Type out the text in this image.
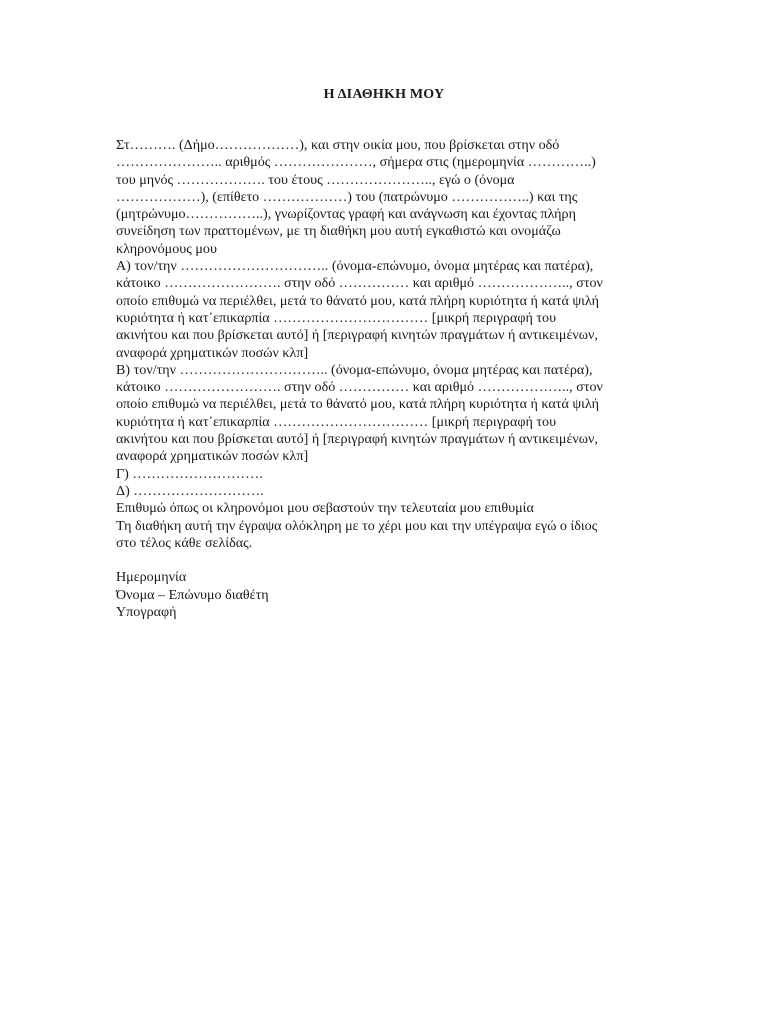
Η ΔΙΑΘΗΚΗ ΜΟΥ
Στ………. (Δήμο………………), και στην οικία μου, που βρίσκεται στην οδό
………………….. αριθμός …………………, σήμερα στις (ημερομηνία …………..)
του μηνός ………………. του έτους ………………….., εγώ ο (όνομα
………………), (επίθετο ………………) του (πατρώνυμο ……………..) και της
(μητρώνυμο……………..), γνωρίζοντας γραφή και ανάγνωση και έχοντας πλήρη
συνείδηση των πραττομένων, με τη διαθήκη μου αυτή εγκαθιστώ και ονομάζω
κληρονόμους μου
Α) τον/την ………………………….. (όνομα-επώνυμο, όνομα μητέρας και πατέρα),
κάτοικο ……………………. στην οδό …………… και αριθμό ……………….., στον
οποίο επιθυμώ να περιέλθει, μετά το θάνατό μου, κατά πλήρη κυριότητα ή κατά ψιλή
κυριότητα ή κατ᾽επικαρπία …………………………… [μικρή περιγραφή του
ακινήτου και που βρίσκεται αυτό] ή [περιγραφή κινητών πραγμάτων ή αντικειμένων,
αναφορά χρηματικών ποσών κλπ]
Β) τον/την ………………………….. (όνομα-επώνυμο, όνομα μητέρας και πατέρα),
κάτοικο ……………………. στην οδό …………… και αριθμό ……………….., στον
οποίο επιθυμώ να περιέλθει, μετά το θάνατό μου, κατά πλήρη κυριότητα ή κατά ψιλή
κυριότητα ή κατ᾽επικαρπία …………………………… [μικρή περιγραφή του
ακινήτου και που βρίσκεται αυτό] ή [περιγραφή κινητών πραγμάτων ή αντικειμένων,
αναφορά χρηματικών ποσών κλπ]
Γ) ……………………….
Δ) ……………………….
Επιθυμώ όπως οι κληρονόμοι μου σεβαστούν την τελευταία μου επιθυμία
Τη διαθήκη αυτή την έγραψα ολόκληρη με το χέρι μου και την υπέγραψα εγώ ο ίδιος
στο τέλος κάθε σελίδας.
Ημερομηνία
Όνομα – Επώνυμο διαθέτη
Υπογραφή
